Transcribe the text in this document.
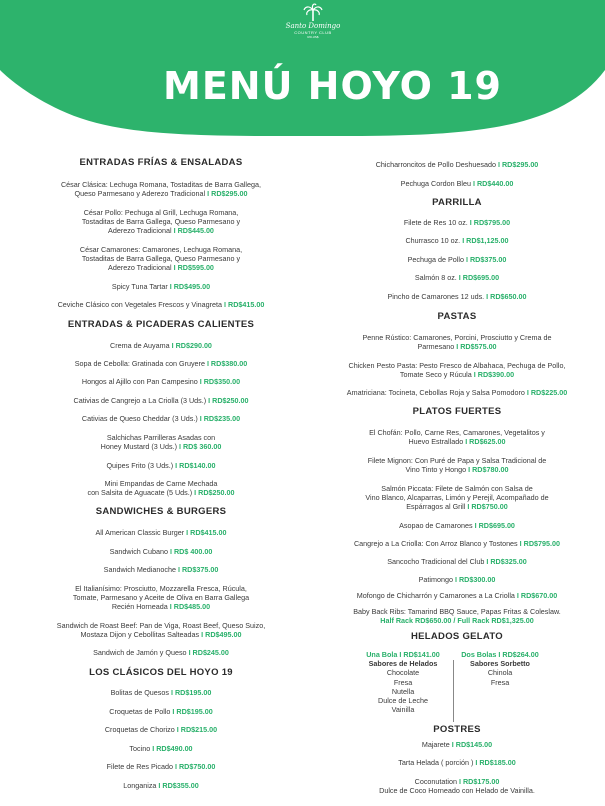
Santo Domingo
COUNTRY CLUB
RD-US$
MENÚ HOYO 19
ENTRADAS FRÍAS & ENSALADAS
César Clásica: Lechuga Romana, Tostaditas de Barra Gallega,
Queso Parmesano y Aderezo Tradicional I RD$295.00
César Pollo: Pechuga al Grill, Lechuga Romana,
Tostaditas de Barra Gallega, Queso Parmesano y
Aderezo Tradicional I RD$445.00
César Camarones: Camarones, Lechuga Romana,
Tostaditas de Barra Gallega, Queso Parmesano y
Aderezo Tradicional I RD$595.00
Spicy Tuna Tartar I RD$495.00
Ceviche Clásico con Vegetales Frescos y Vinagreta I RD$415.00
ENTRADAS & PICADERAS CALIENTES
Crema de Auyama I RD$290.00
Sopa de Cebolla: Gratinada con Gruyere I RD$380.00
Hongos al Ajillo con Pan Campesino I RD$350.00
Cativias de Cangrejo a La Criolla (3 Uds.) I RD$250.00
Cativias de Queso Cheddar (3 Uds.) I RD$235.00
Salchichas Parrilleras Asadas con
Honey Mustard (3 Uds.) I RD$ 360.00
Quipes Frito (3 Uds.) I RD$140.00
Mini Empandas de Carne Mechada
con Salsita de Aguacate (5 Uds.) I RD$250.00
SANDWICHES & BURGERS
All American Classic Burger I RD$415.00
Sandwich Cubano I RD$ 400.00
Sandwich Medianoche I RD$375.00
El Italianísimo: Prosciutto, Mozzarella Fresca, Rúcula,
Tomate, Parmesano y Aceite de Oliva en Barra Gallega
Recién Horneada I RD$485.00
Sandwich de Roast Beef: Pan de Viga, Roast Beef, Queso Suizo,
Mostaza Dijon y Cebollitas Salteadas I RD$495.00
Sandwich de Jamón y Queso I RD$245.00
LOS CLÁSICOS DEL HOYO 19
Bolitas de Quesos I RD$195.00
Croquetas de Pollo I RD$195.00
Croquetas de Chorizo I RD$215.00
Tocino I RD$490.00
Filete de Res Picado I RD$750.00
Longaniza I RD$355.00
Chicharroncitos de Pollo Deshuesado I RD$295.00
Pechuga Cordon Bleu I RD$440.00
PARRILLA
Filete de Res 10 oz. I RD$795.00
Churrasco 10 oz. I RD$1,125.00
Pechuga de Pollo I RD$375.00
Salmón 8 oz. I RD$695.00
Pincho de Camarones 12 uds. I RD$650.00
PASTAS
Penne Rústico: Camarones, Porcini, Prosciutto y Crema de
Parmesano I RD$575.00
Chicken Pesto Pasta: Pesto Fresco de Albahaca, Pechuga de Pollo,
Tomate Seco y Rúcula I RD$390.00
Amatriciana: Tocineta, Cebollas Roja y Salsa Pomodoro I RD$225.00
PLATOS FUERTES
El Chofán: Pollo, Carne Res, Camarones, Vegetalitos y
Huevo Estrallado I RD$625.00
Filete Mignon: Con Puré de Papa y Salsa Tradicional de
Vino Tinto y Hongo I RD$780.00
Salmón Piccata: Filete de Salmón con Salsa de
Vino Blanco, Alcaparras, Limón y Perejil, Acompañado de
Espárragos al Grill I RD$750.00
Asopao de Camarones I RD$695.00
Cangrejo a La Criolla: Con Arroz Blanco y Tostones I RD$795.00
Sancocho Tradicional del Club I RD$325.00
Patimongo I RD$300.00
Mofongo de Chicharrón y Camarones a La Criolla I RD$670.00
Baby Back Ribs: Tamarind BBQ Sauce, Papas Fritas & Coleslaw.
Half Rack RD$650.00 / Full Rack RD$1,325.00
HELADOS GELATO
Una Bola I RD$141.00
Sabores de Helados
Chocolate
Fresa
Nutella
Dulce de Leche
Vainilla
Dos Bolas I RD$264.00
Sabores Sorbetto
Chinola
Fresa
POSTRES
Majarete I RD$145.00
Tarta Helada ( porción ) I RD$185.00
Coconutation I RD$175.00
Dulce de Coco Horneado con Helado de Vainilla.
